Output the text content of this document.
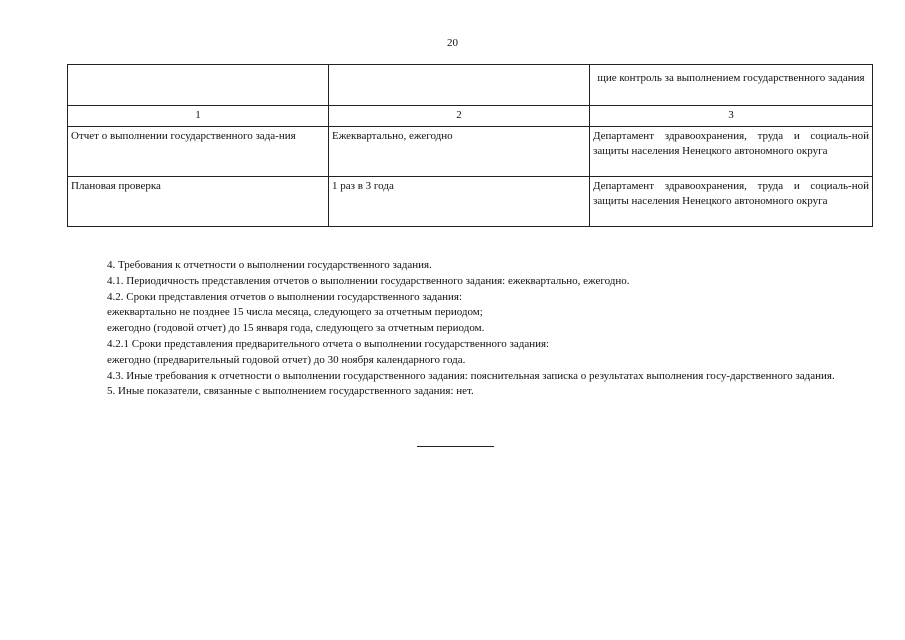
20

		щие контроль за выполнением государственного задания

1	2	3
Отчет о выполнении государственного зада-ния	Ежеквартально, ежегодно	Департамент здравоохранения, труда и социаль-ной защиты населения Ненецкого автономного округа
Плановая проверка	1 раз в 3 года	Департамент здравоохранения, труда и социаль-ной защиты населения Ненецкого автономного округа

4. Требования к отчетности о выполнении государственного задания.

4.1. Периодичность представления отчетов о выполнении государственного задания: ежеквартально, ежегодно.

4.2. Сроки представления отчетов о выполнении государственного задания:

ежеквартально не позднее 15 числа месяца, следующего за отчетным периодом;

ежегодно (годовой отчет) до 15 января года, следующего за отчетным периодом.

4.2.1 Сроки представления предварительного отчета о выполнении государственного задания:

ежегодно (предварительный годовой отчет) до 30 ноября календарного года.

4.3. Иные требования к отчетности о выполнении государственного задания: пояснительная записка о результатах выполнения госу-дарственного задания.

5. Иные показатели, связанные с выполнением государственного задания: нет.
